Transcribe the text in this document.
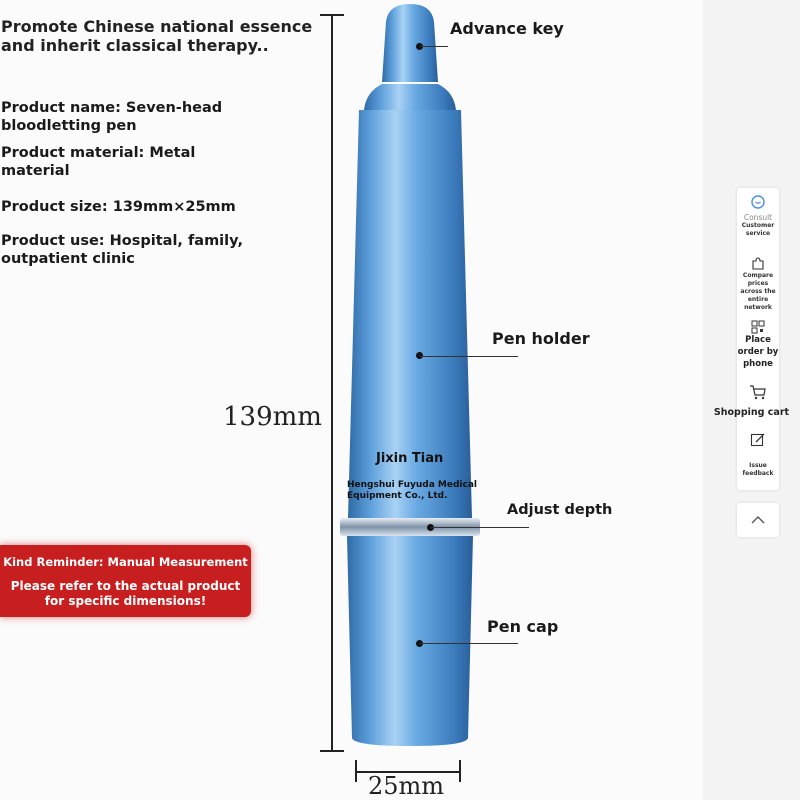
Promote Chinese national essence and inherit classical therapy..
Product name: Seven-head bloodletting pen
Product material: Metal material
Product size: 139mm×25mm
Product use: Hospital, family, outpatient clinic
139mm
25mm
Advance key
Pen holder
Adjust depth
Pen cap
Jixin Tian
Hengshui Fuyuda Medical Equipment Co., Ltd.
Kind Reminder: Manual Measurement
Please refer to the actual product for specific dimensions!
Consult
Customer service
Compare prices across the entire network
Place order by phone
Issue feedback
Shopping cart
